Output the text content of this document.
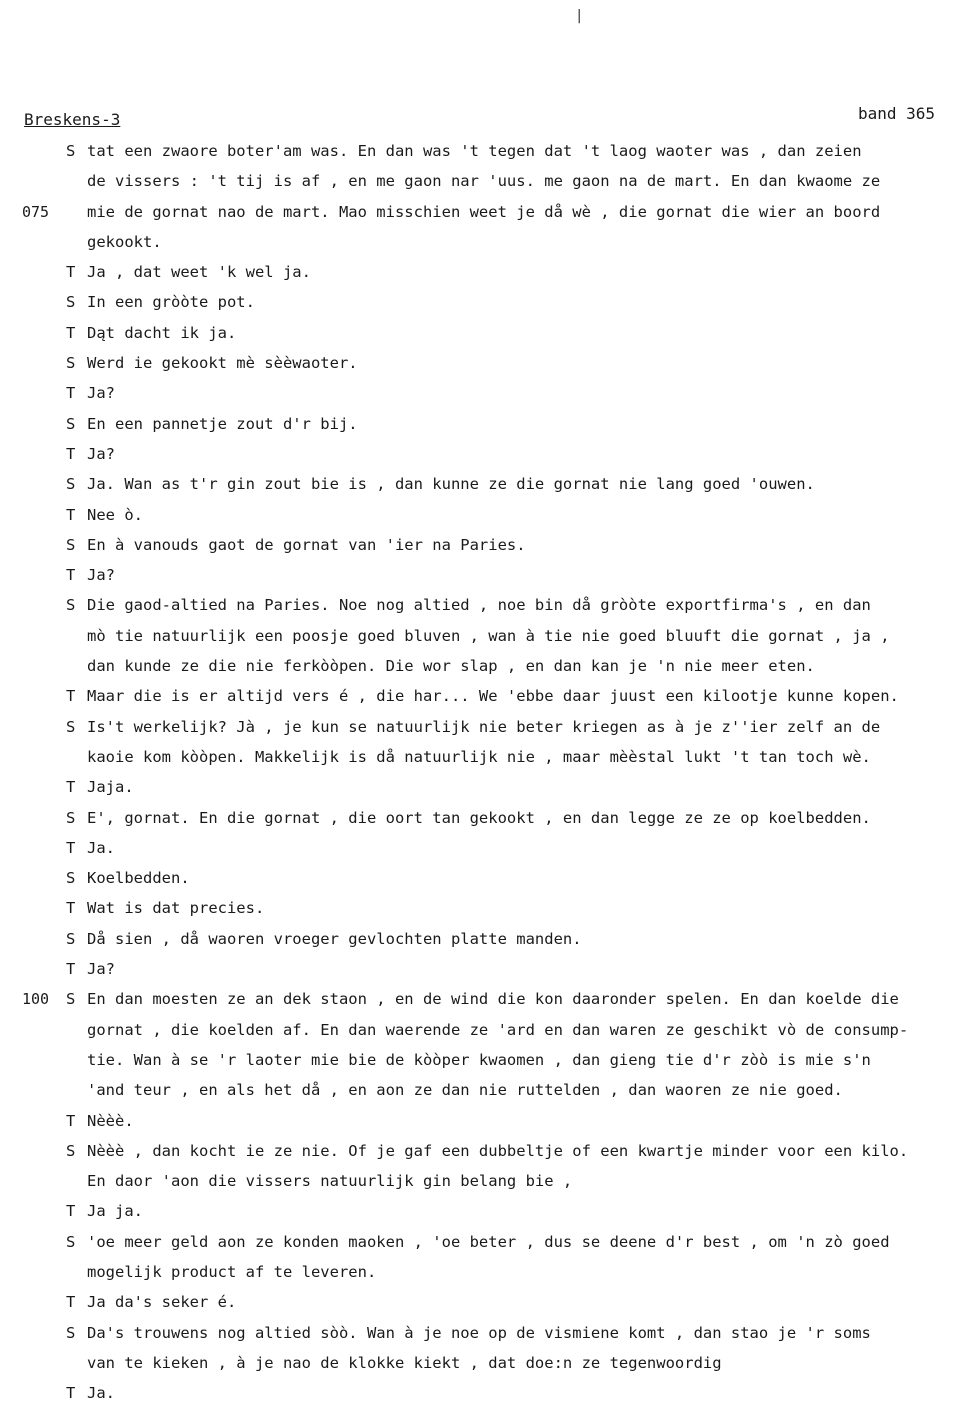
|
Breskens-3	band 365
S tat een zwaore boter'am was. En dan was 't tegen dat 't laog waoter was , dan zeien
de vissers : 't tij is af , en me gaon nar 'uus. me gaon na de mart. En dan kwaome ze
075 mie de gornat nao de mart. Mao misschien weet je då wè , die gornat die wier an boord
gekookt.
T Ja , dat weet 'k wel ja.
S In een gròòte pot.
T Dąt dacht ik ja.
S Werd ie gekookt mè sèèwaoter.
T Ja?
S En een pannetje zout d'r bij.
T Ja?
S Ja. Wan as t'r gin zout bie is , dan kunne ze die gornat nie lang goed 'ouwen.
T Nee ò.
S En à vanouds gaot de gornat van 'ier na Paries.
T Ja?
S Die gaod-altied na Paries. Noe nog altied , noe bin då gròòte exportfirma's , en dan
mò tie natuurlijk een poosje goed bluven , wan à tie nie goed bluuft die gornat , ja ,
dan kunde ze die nie ferkòòpen. Die wor slap , en dan kan je 'n nie meer eten.
T Maar die is er altijd vers é , die har... We 'ebbe daar juust een kilootje kunne kopen.
S Is't werkelijk? Jà , je kun se natuurlijk nie beter kriegen as à je z''ier zelf an de
kaoie kom kòòpen. Makkelijk is då natuurlijk nie , maar mèèstal lukt 't tan toch wè.
T Jaja.
S E', gornat. En die gornat , die oort tan gekookt , en dan legge ze ze op koelbedden.
T Ja.
S Koelbedden.
T Wat is dat precies.
S Då sien , då waoren vroeger gevlochten platte manden.
T Ja?
100 S En dan moesten ze an dek staon , en de wind die kon daaronder spelen. En dan koelde die
gornat , die koelden af. En dan waerende ze 'ard en dan waren ze geschikt vò de consump-
tie. Wan à se 'r laoter mie bie de kòòper kwaomen , dan gieng tie d'r zòò is mie s'n
'and teur , en als het då , en aon ze dan nie ruttelden , dan waoren ze nie goed.
T Nèèè.
S Nèèè , dan kocht ie ze nie. Of je gaf een dubbeltje of een kwartje minder voor een kilo.
En daor 'aon die vissers natuurlijk gin belang bie ,
T Ja ja.
S 'oe meer geld aon ze konden maoken , 'oe beter , dus se deene d'r best , om 'n zò goed
mogelijk product af te leveren.
T Ja da's seker é.
S Da's trouwens nog altied sòò. Wan à je noe op de vismiene komt , dan stao je 'r soms
van te kieken , à je nao de klokke kiekt , dat doe:n ze tegenwoordig
T Ja.
